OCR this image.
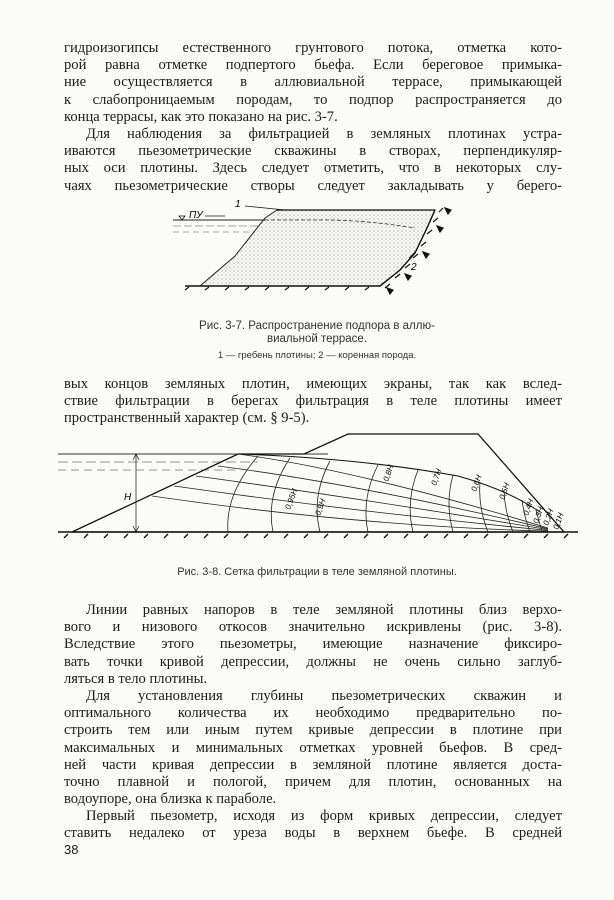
гидроизогипсы естественного грунтового потока, отметка кото-
рой равна отметке подпертого бьефа. Если береговое примыка-
ние осуществляется в аллювиальной террасе, примыкающей
к слабопроницаемым породам, то подпор распространяется до
конца террасы, как это показано на рис. 3-7.
Для наблюдения за фильтрацией в земляных плотинах устра-
иваются пьезометрические скважины в створах, перпендикуляр-
ных оси плотины. Здесь следует отметить, что в некоторых слу-
чаях пьезометрические створы следует закладывать у берего-
ПУ
1
2
Рис. 3-7. Распространение подпора в аллю-
виальной террасе.
1 — гребень плотины; 2 — коренная порода.
вых концов земляных плотин, имеющих экраны, так как вслед-
ствие фильтрации в берегах фильтрация в теле плотины имеет
пространственный характер (см. § 9-5).
H	0,95H 0,9H
0,8H	0,7H	0,6H 0,5H
0,4H
0,3H
0,2H
0,1H
Рис. 3-8. Сетка фильтрации в теле земляной плотины.
Линии равных напоров в теле земляной плотины близ верхо-
вого и низового откосов значительно искривлены (рис. 3-8).
Вследствие этого пьезометры, имеющие назначение фиксиро-
вать точки кривой депрессии, должны не очень сильно заглуб-
ляться в тело плотины.
Для установления глубины пьезометрических скважин и
оптимального количества их необходимо предварительно по-
строить тем или иным путем кривые депрессии в плотине при
максимальных и минимальных отметках уровней бьефов. В сред-
ней части кривая депрессии в земляной плотине является доста-
точно плавной и пологой, причем для плотин, основанных на
водоупоре, она близка к параболе.
Первый пьезометр, исходя из форм кривых депрессии, следует
ставить недалеко от уреза воды в верхнем бьефе. В средней
38
